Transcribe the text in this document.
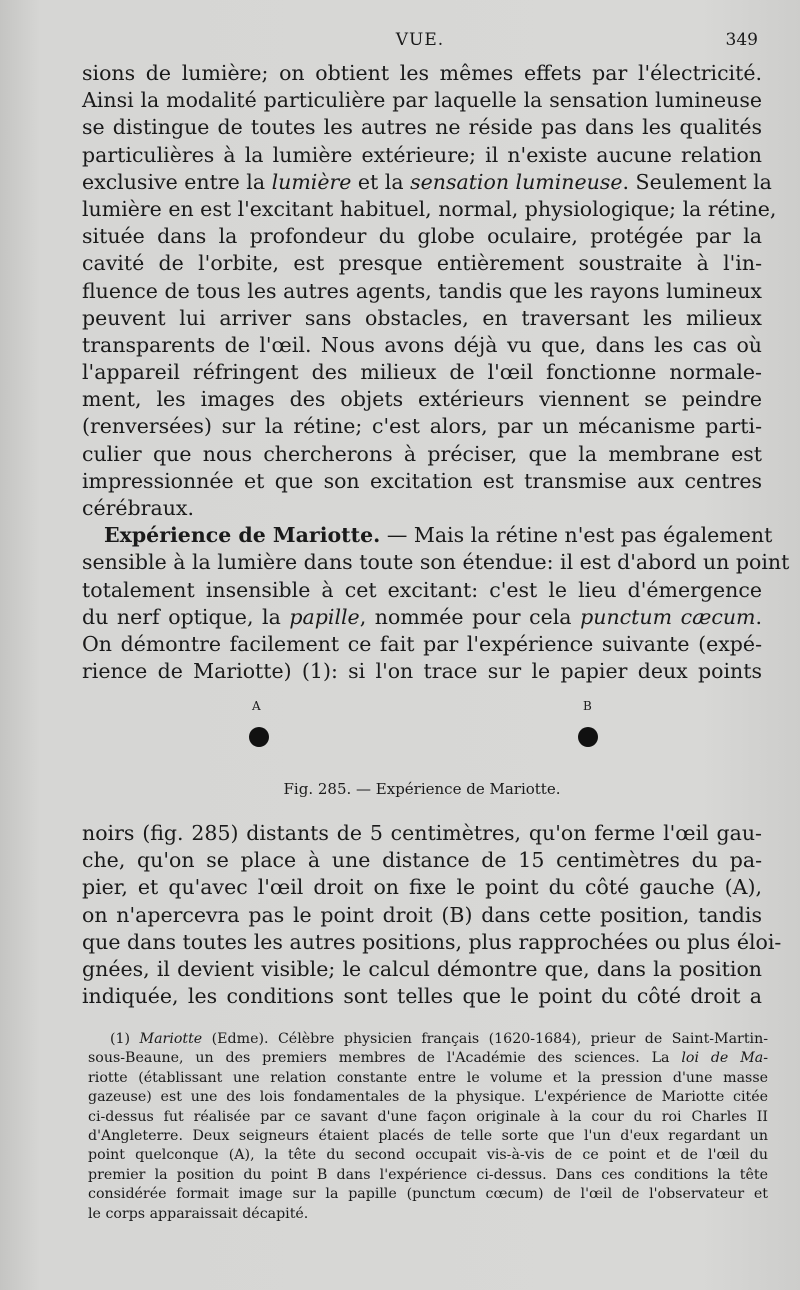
VUE.	349
sions de lumière; on obtient les mêmes effets par l'électricité.
Ainsi la modalité particulière par laquelle la sensation lumineuse
se distingue de toutes les autres ne réside pas dans les qualités
particulières à la lumière extérieure; il n'existe aucune relation
exclusive entre la lumière et la sensation lumineuse. Seulement la
lumière en est l'excitant habituel, normal, physiologique; la rétine,
située dans la profondeur du globe oculaire, protégée par la
cavité de l'orbite, est presque entièrement soustraite à l'in-
fluence de tous les autres agents, tandis que les rayons lumineux
peuvent lui arriver sans obstacles, en traversant les milieux
transparents de l'œil. Nous avons déjà vu que, dans les cas où
l'appareil réfringent des milieux de l'œil fonctionne normale-
ment, les images des objets extérieurs viennent se peindre
(renversées) sur la rétine; c'est alors, par un mécanisme parti-
culier que nous chercherons à préciser, que la membrane est
impressionnée et que son excitation est transmise aux centres
cérébraux.
Expérience de Mariotte. — Mais la rétine n'est pas également
sensible à la lumière dans toute son étendue: il est d'abord un point
totalement insensible à cet excitant: c'est le lieu d'émergence
du nerf optique, la papille, nommée pour cela punctum cæcum.
On démontre facilement ce fait par l'expérience suivante (expé-
rience de Mariotte) (1): si l'on trace sur le papier deux points
A	B
Fig. 285. — Expérience de Mariotte.
noirs (fig. 285) distants de 5 centimètres, qu'on ferme l'œil gau-
che, qu'on se place à une distance de 15 centimètres du pa-
pier, et qu'avec l'œil droit on fixe le point du côté gauche (A),
on n'apercevra pas le point droit (B) dans cette position, tandis
que dans toutes les autres positions, plus rapprochées ou plus éloi-
gnées, il devient visible; le calcul démontre que, dans la position
indiquée, les conditions sont telles que le point du côté droit a
(1) Mariotte (Edme). Célèbre physicien français (1620-1684), prieur de Saint-Martin-
sous-Beaune, un des premiers membres de l'Académie des sciences. La loi de Ma-
riotte (établissant une relation constante entre le volume et la pression d'une masse
gazeuse) est une des lois fondamentales de la physique. L'expérience de Mariotte citée
ci-dessus fut réalisée par ce savant d'une façon originale à la cour du roi Charles II
d'Angleterre. Deux seigneurs étaient placés de telle sorte que l'un d'eux regardant un
point quelconque (A), la tête du second occupait vis-à-vis de ce point et de l'œil du
premier la position du point B dans l'expérience ci-dessus. Dans ces conditions la tête
considérée formait image sur la papille (punctum cœcum) de l'œil de l'observateur et
le corps apparaissait décapité.
